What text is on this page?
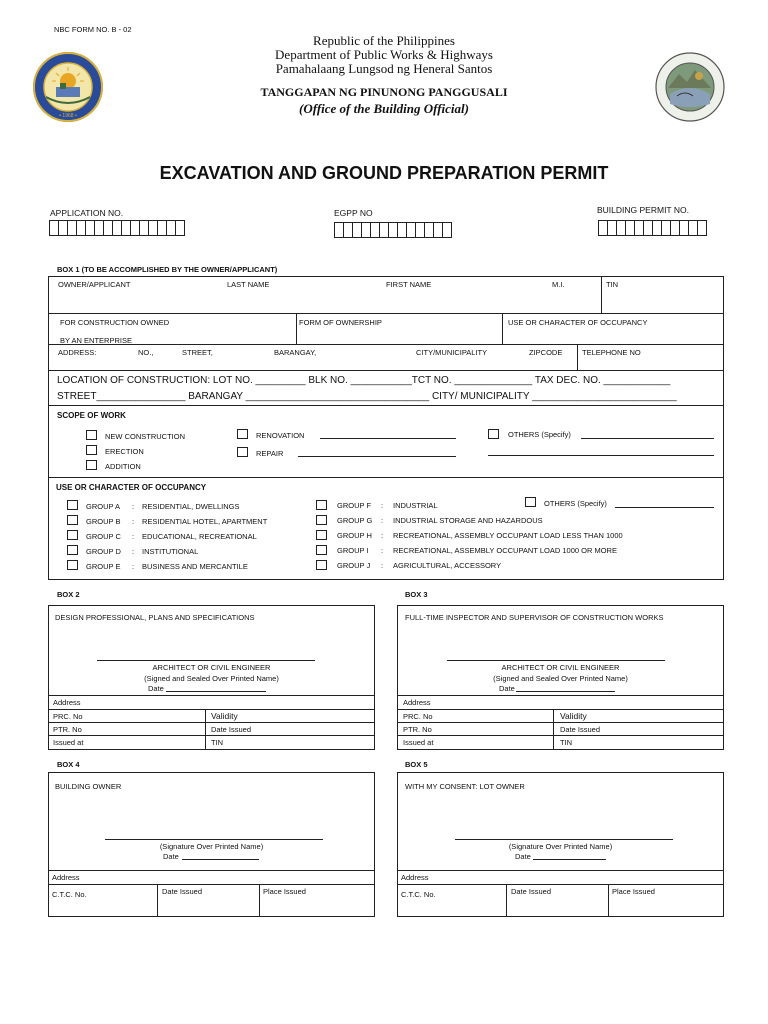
NBC FORM NO. B - 02
• 1968 •
Republic of the Philippines
Department of Public Works & Highways
Pamahalaang Lungsod ng Heneral Santos
TANGGAPAN NG PINUNONG PANGGUSALI
(Office of the Building Official)
EXCAVATION AND GROUND PREPARATION PERMIT
APPLICATION NO.	EGPP NO	BUILDING PERMIT NO.
BOX 1 (TO BE ACCOMPLISHED BY THE OWNER/APPLICANT)
OWNER/APPLICANT	LAST NAME	FIRST NAME	M.I.	TIN
FOR CONSTRUCTION OWNED	FORM OF OWNERSHIP	USE OR CHARACTER OF OCCUPANCY
BY AN ENTERPRISE
ADDRESS:	NO.,	STREET,	BARANGAY,	CITY/MUNICIPALITY	ZIPCODE	TELEPHONE NO
LOCATION OF CONSTRUCTION: LOT NO. _________ BLK NO. ___________TCT NO. ______________ TAX DEC. NO. ____________
STREET________________ BARANGAY _________________________________ CITY/ MUNICIPALITY __________________________
SCOPE OF WORK
NEW CONSTRUCTION
ERECTION
ADDITION
RENOVATION
REPAIR
OTHERS (Specify)
USE OR CHARACTER OF OCCUPANCY
GROUP A : RESIDENTIAL, DWELLINGS
GROUP B : RESIDENTIAL HOTEL, APARTMENT
GROUP C : EDUCATIONAL, RECREATIONAL
GROUP D : INSTITUTIONAL
GROUP E : BUSINESS AND MERCANTILE
GROUP F : INDUSTRIAL
GROUP G : INDUSTRIAL STORAGE AND HAZARDOUS
GROUP H : RECREATIONAL, ASSEMBLY OCCUPANT LOAD LESS THAN 1000
GROUP I : RECREATIONAL, ASSEMBLY OCCUPANT LOAD 1000 OR MORE
GROUP J : AGRICULTURAL, ACCESSORY
OTHERS (Specify)
BOX 2
DESIGN PROFESSIONAL, PLANS AND SPECIFICATIONS
ARCHITECT OR CIVIL ENGINEER
(Signed and Sealed Over Printed Name)
Date
Address
PRC. No	Validity
PTR. No	Date Issued
Issued at	TIN
BOX 3
FULL-TIME INSPECTOR AND SUPERVISOR OF CONSTRUCTION WORKS
ARCHITECT OR CIVIL ENGINEER
(Signed and Sealed Over Printed Name)
Date
Address
PRC. No	Validity
PTR. No	Date Issued
Issued at	TIN
BOX 4
BUILDING OWNER
(Signature Over Printed Name)
Date
Address
C.T.C. No.	Date Issued	Place Issued
BOX 5
WITH MY CONSENT: LOT OWNER
(Signature Over Printed Name)
Date
Address
C.T.C. No.	Date Issued	Place Issued
